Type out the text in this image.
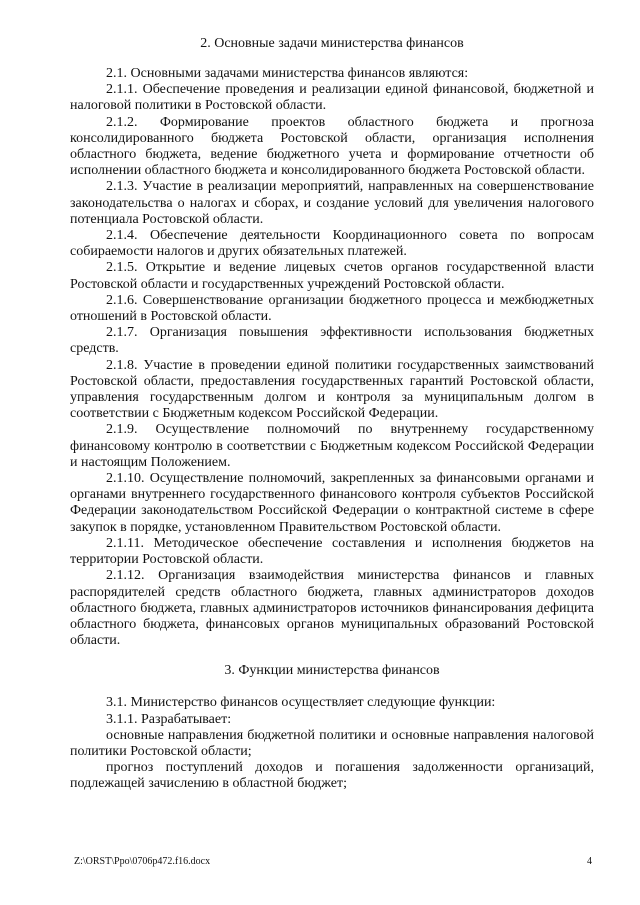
2. Основные задачи министерства финансов

2.1. Основными задачами министерства финансов являются:

2.1.1. Обеспечение проведения и реализации единой финансовой, бюджетной и налоговой политики в Ростовской области.

2.1.2. Формирование проектов областного бюджета и прогноза консолидированного бюджета Ростовской области, организация исполнения областного бюджета, ведение бюджетного учета и формирование отчетности об исполнении областного бюджета и консолидированного бюджета Ростовской области.

2.1.3. Участие в реализации мероприятий, направленных на совершенствование законодательства о налогах и сборах, и создание условий для увеличения налогового потенциала Ростовской области.

2.1.4. Обеспечение деятельности Координационного совета по вопросам собираемости налогов и других обязательных платежей.

2.1.5. Открытие и ведение лицевых счетов органов государственной власти Ростовской области и государственных учреждений Ростовской области.

2.1.6. Совершенствование организации бюджетного процесса и межбюджетных отношений в Ростовской области.

2.1.7. Организация повышения эффективности использования бюджетных средств.

2.1.8. Участие в проведении единой политики государственных заимствований Ростовской области, предоставления государственных гарантий Ростовской области, управления государственным долгом и контроля за муниципальным долгом в соответствии с Бюджетным кодексом Российской Федерации.

2.1.9. Осуществление полномочий по внутреннему государственному финансовому контролю в соответствии с Бюджетным кодексом Российской Федерации и настоящим Положением.

2.1.10. Осуществление полномочий, закрепленных за финансовыми органами и органами внутреннего государственного финансового контроля субъектов Российской Федерации законодательством Российской Федерации о контрактной системе в сфере закупок в порядке, установленном Правительством Ростовской области.

2.1.11. Методическое обеспечение составления и исполнения бюджетов на территории Ростовской области.

2.1.12. Организация взаимодействия министерства финансов и главных распорядителей средств областного бюджета, главных администраторов доходов областного бюджета, главных администраторов источников финансирования дефицита областного бюджета, финансовых органов муниципальных образований Ростовской области.

3. Функции министерства финансов

3.1. Министерство финансов осуществляет следующие функции:

3.1.1. Разрабатывает:

основные направления бюджетной политики и основные направления налоговой политики Ростовской области;

прогноз поступлений доходов и погашения задолженности организаций, подлежащей зачислению в областной бюджет;

Z:\ORST\Ppo\0706p472.f16.docx	4
